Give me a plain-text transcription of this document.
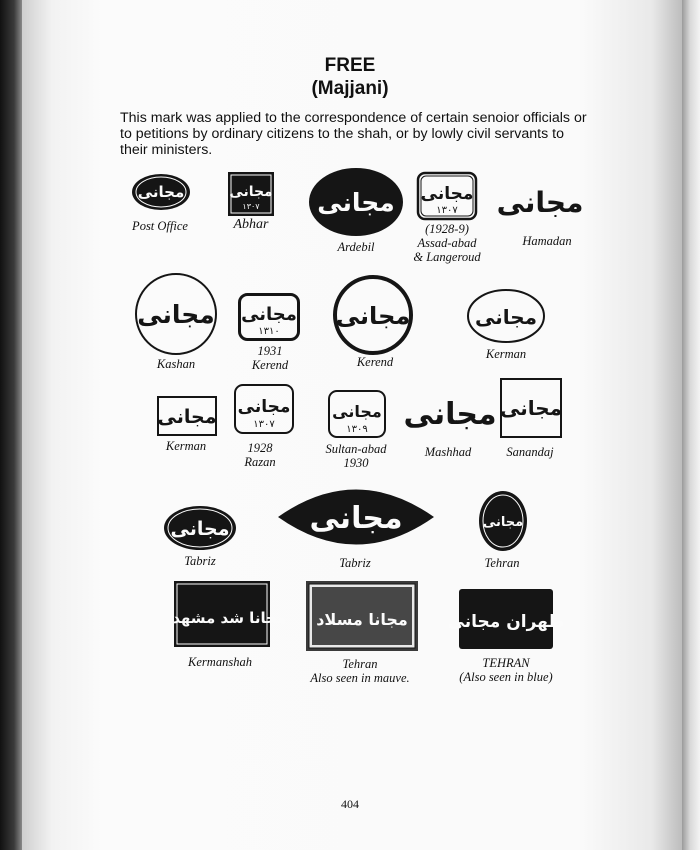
FREE
(Majjani)
This mark was applied to the correspondence of certain senoior officials or
to petitions by ordinary citizens to the shah, or by lowly civil servants to
their ministers.
مجانی
Post Office
مجانی
۱۳۰۷
Abhar
مجانی
Ardebil
مجانی
۱۳۰۷
(1928-9)
Assad-abad
& Langeroud
مجانی
Hamadan
مجانی
Kashan
مجانی
۱۳۱۰
1931
Kerend
مجانی
Kerend
مجانی
Kerman
مجانی
Kerman
مجانی
۱۳۰۷
1928
Razan
مجانی
۱۳۰۹
Sultan-abad
1930
مجانی
Mashhad
مجانی
Sanandaj
مجانی
Tabriz
مجانی
Tabriz
مجانی
Tehran
مجانا شد مشهد ۵
Kermanshah
مجانا مسلاد
Tehran
Also seen in mauve.
طهران مجانی
TEHRAN
(Also seen in blue)
404
